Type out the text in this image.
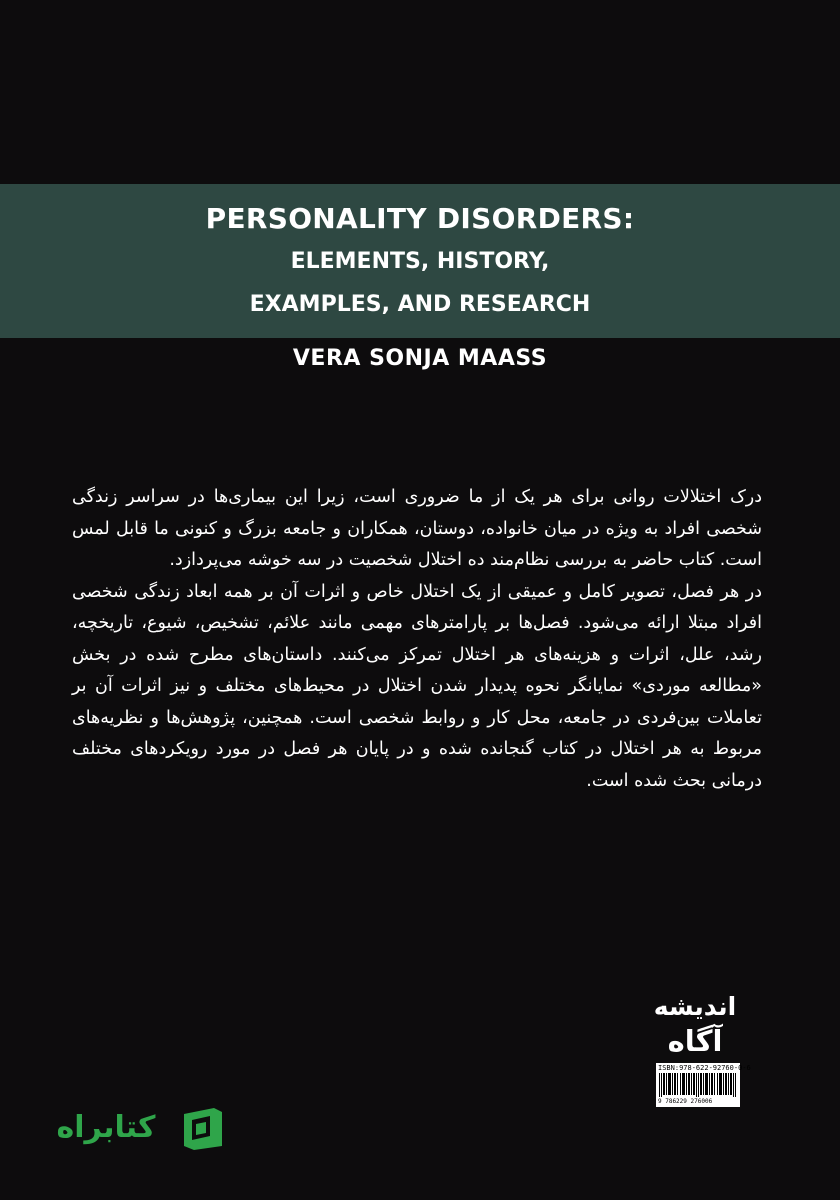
PERSONALITY DISORDERS:
ELEMENTS, HISTORY,
EXAMPLES, AND RESEARCH
VERA SONJA MAASS

درک اختلالات روانی برای هر یک از ما ضروری است، زیرا این بیماری‌ها در سراسر زندگی شخصی افراد به ویژه در میان خانواده، دوستان، همکاران و جامعه بزرگ و کنونی ما قابل لمس است. کتاب حاضر به بررسی نظام‌مند ده اختلال شخصیت در سه خوشه می‌پردازد.

در هر فصل، تصویر کامل و عمیقی از یک اختلال خاص و اثرات آن بر همه ابعاد زندگی شخصی افراد مبتلا ارائه می‌شود. فصل‌ها بر پارامترهای مهمی مانند علائم، تشخیص، شیوع، تاریخچه، رشد، علل، اثرات و هزینه‌های هر اختلال تمرکز می‌کنند. داستان‌های مطرح شده در بخش «مطالعه موردی» نمایانگر نحوه پدیدار شدن اختلال در محیط‌های مختلف و نیز اثرات آن بر تعاملات بین‌فردی در جامعه، محل کار و روابط شخصی است. همچنین، پژوهش‌ها و نظریه‌های مربوط به هر اختلال در کتاب گنجانده شده و در پایان هر فصل در مورد رویکردهای مختلف درمانی بحث شده است.

اندیشه
آگاه
ISBN:978-622-92760-0-6
9 786229 276006
کتابراه
